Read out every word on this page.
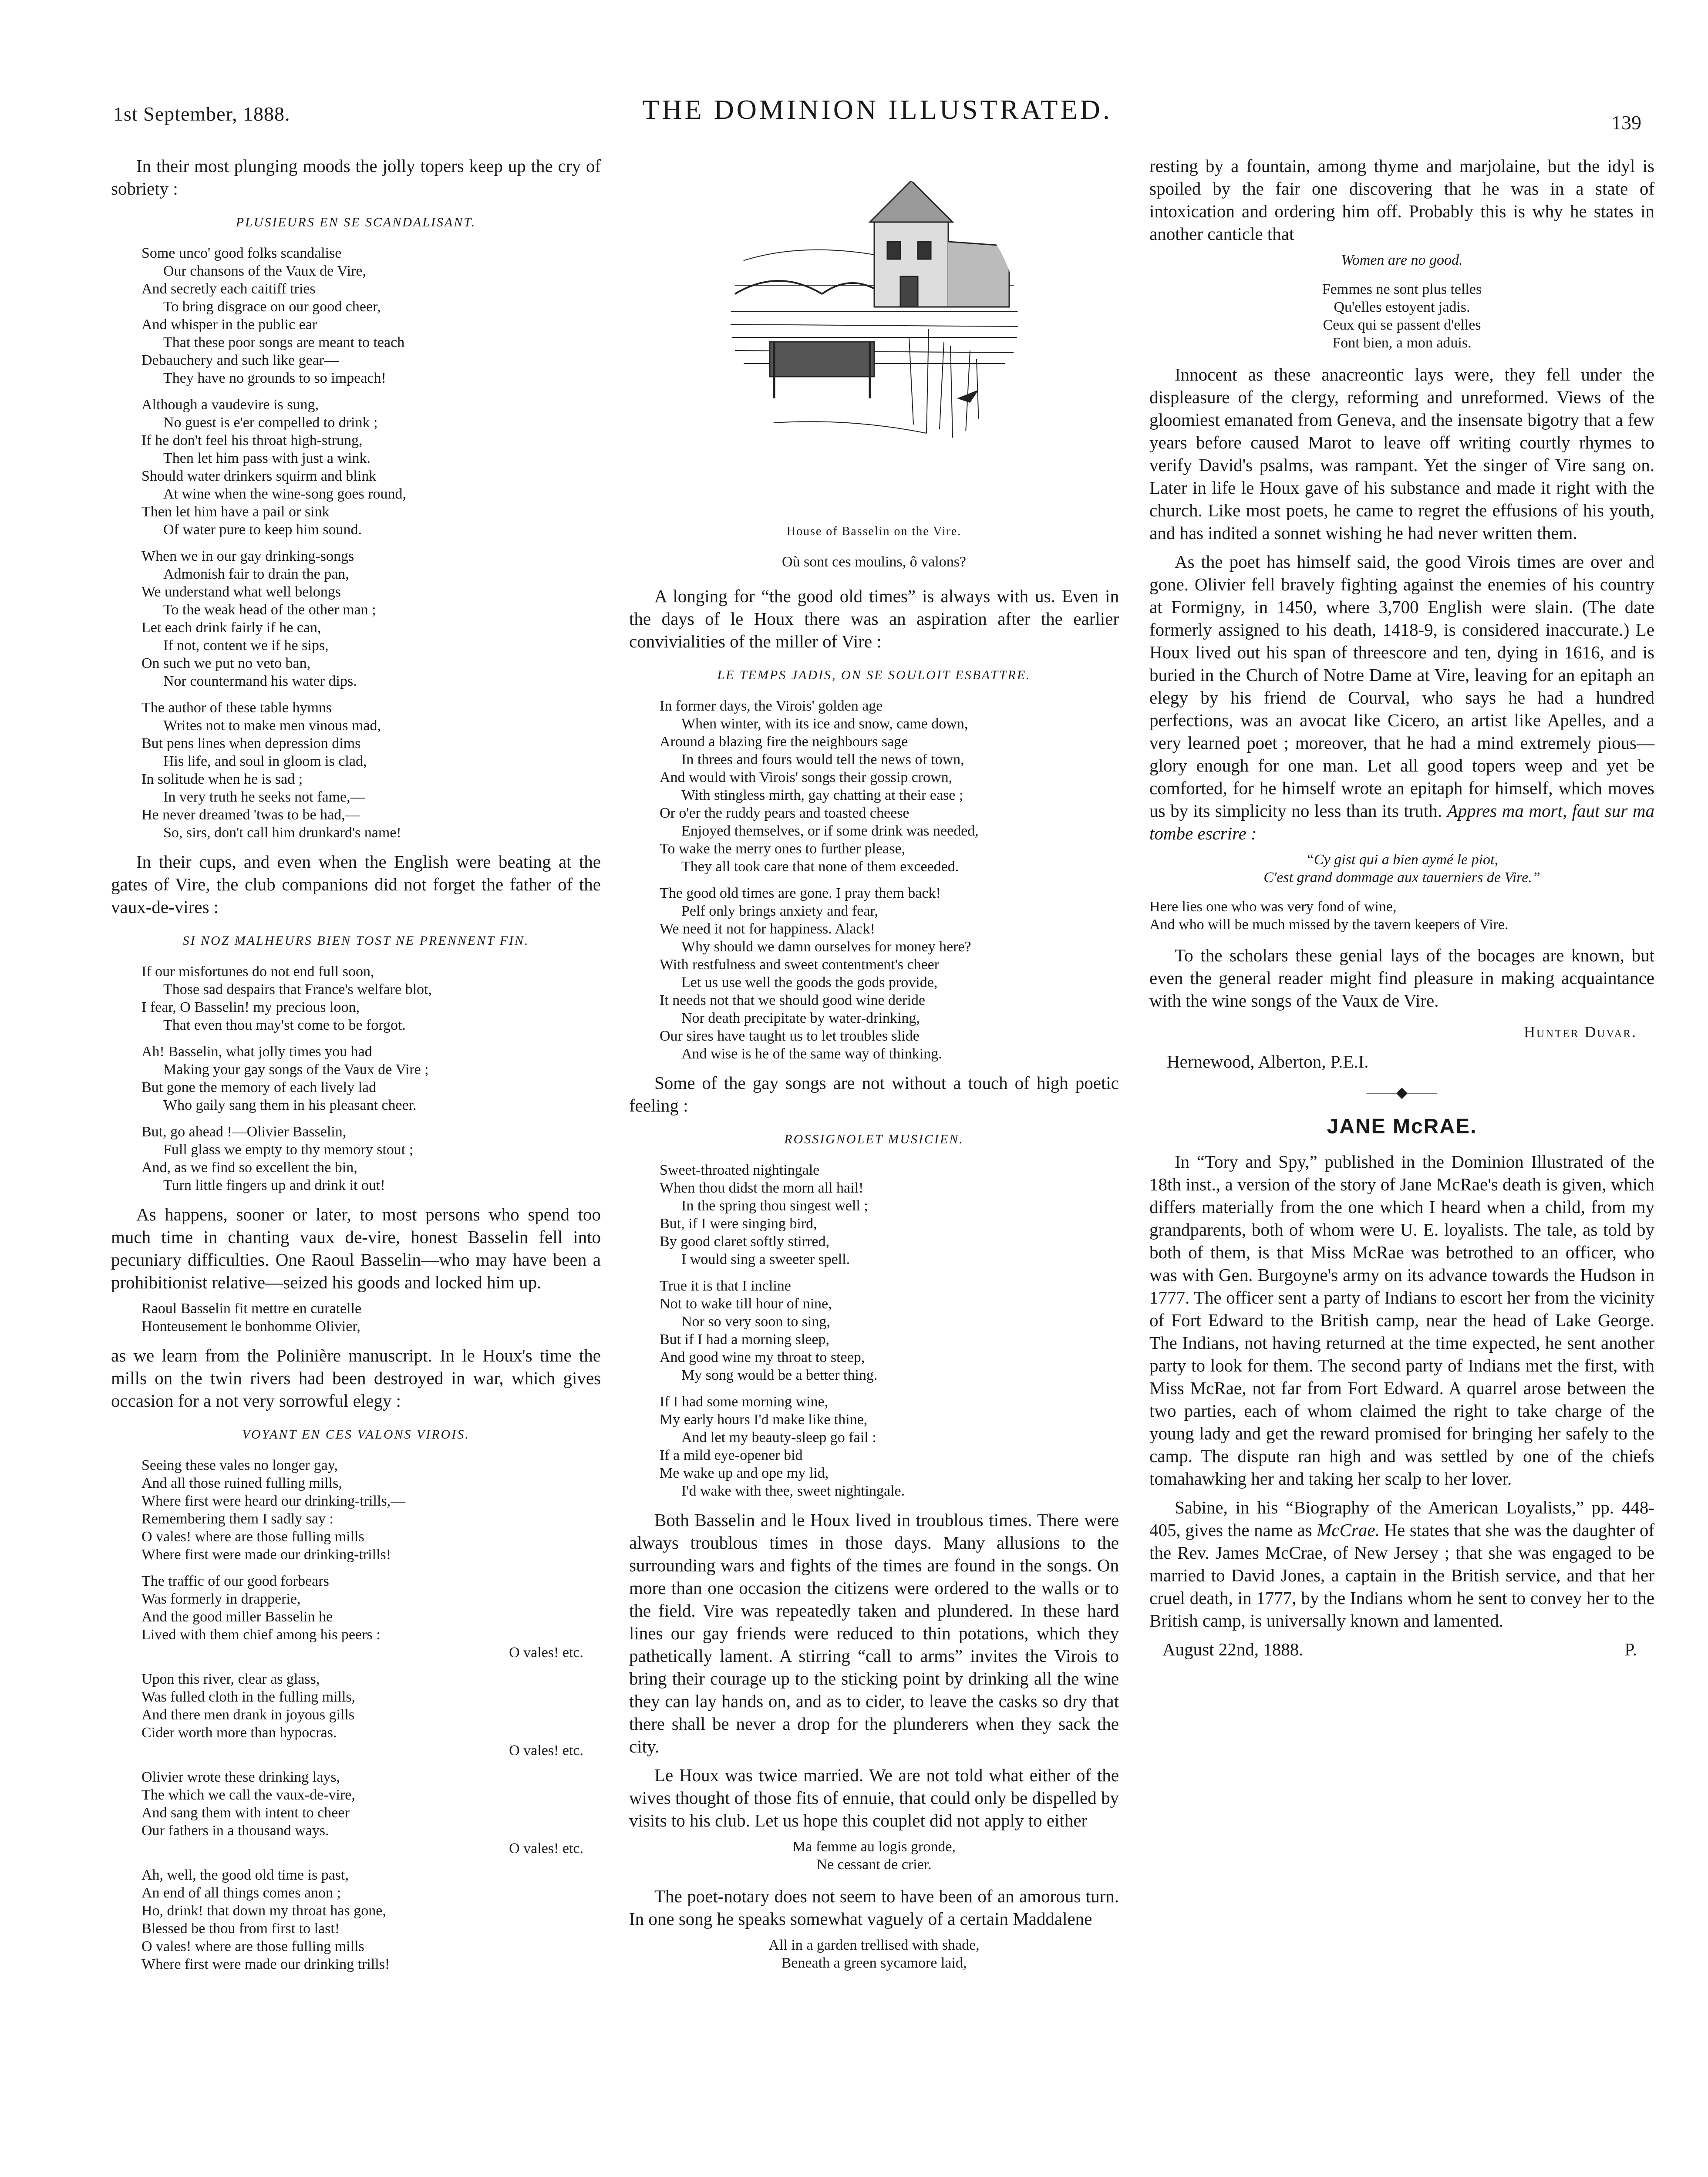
1st September, 1888.	THE DOMINION ILLUSTRATED.	139

In their most plunging moods the jolly topers keep up the cry of sobriety :

PLUSIEURS EN SE SCANDALISANT.
Some unco' good folks scandalise
Our chansons of the Vaux de Vire,
And secretly each caitiff tries
To bring disgrace on our good cheer,
And whisper in the public ear
That these poor songs are meant to teach
Debauchery and such like gear—
They have no grounds to so impeach!
Although a vaudevire is sung,
No guest is e'er compelled to drink ;
If he don't feel his throat high-strung,
Then let him pass with just a wink.
Should water drinkers squirm and blink
At wine when the wine-song goes round,
Then let him have a pail or sink
Of water pure to keep him sound.
When we in our gay drinking-songs
Admonish fair to drain the pan,
We understand what well belongs
To the weak head of the other man ;
Let each drink fairly if he can,
If not, content we if he sips,
On such we put no veto ban,
Nor countermand his water dips.
The author of these table hymns
Writes not to make men vinous mad,
But pens lines when depression dims
His life, and soul in gloom is clad,
In solitude when he is sad ;
In very truth he seeks not fame,—
He never dreamed 'twas to be had,—
So, sirs, don't call him drunkard's name!

In their cups, and even when the English were beating at the gates of Vire, the club companions did not forget the father of the vaux-de-vires :

SI NOZ MALHEURS BIEN TOST NE PRENNENT FIN.
If our misfortunes do not end full soon,
Those sad despairs that France's welfare blot,
I fear, O Basselin! my precious loon,
That even thou may'st come to be forgot.
Ah! Basselin, what jolly times you had
Making your gay songs of the Vaux de Vire ;
But gone the memory of each lively lad
Who gaily sang them in his pleasant cheer.
But, go ahead !—Olivier Basselin,
Full glass we empty to thy memory stout ;
And, as we find so excellent the bin,
Turn little fingers up and drink it out!

As happens, sooner or later, to most persons who spend too much time in chanting vaux de-vire, honest Basselin fell into pecuniary difficulties. One Raoul Basselin—who may have been a prohibitionist relative—seized his goods and locked him up.

Raoul Basselin fit mettre en curatelle
Honteusement le bonhomme Olivier,

as we learn from the Polinière manuscript. In le Houx's time the mills on the twin rivers had been destroyed in war, which gives occasion for a not very sorrowful elegy :

VOYANT EN CES VALONS VIROIS.
Seeing these vales no longer gay,
And all those ruined fulling mills,
Where first were heard our drinking-trills,—
Remembering them I sadly say :
O vales! where are those fulling mills
Where first were made our drinking-trills!
The traffic of our good forbears
Was formerly in drapperie,
And the good miller Basselin he
Lived with them chief among his peers :
O vales! etc.
Upon this river, clear as glass,
Was fulled cloth in the fulling mills,
And there men drank in joyous gills
Cider worth more than hypocras.
O vales! etc.
Olivier wrote these drinking lays,
The which we call the vaux-de-vire,
And sang them with intent to cheer
Our fathers in a thousand ways.
O vales! etc.
Ah, well, the good old time is past,
An end of all things comes anon ;
Ho, drink! that down my throat has gone,
Blessed be thou from first to last!
O vales! where are those fulling mills
Where first were made our drinking trills!
House of Basselin on the Vire.
Où sont ces moulins, ô valons?

A longing for “the good old times” is always with us. Even in the days of le Houx there was an aspiration after the earlier convivialities of the miller of Vire :

LE TEMPS JADIS, ON SE SOULOIT ESBATTRE.
In former days, the Virois' golden age
When winter, with its ice and snow, came down,
Around a blazing fire the neighbours sage
In threes and fours would tell the news of town,
And would with Virois' songs their gossip crown,
With stingless mirth, gay chatting at their ease ;
Or o'er the ruddy pears and toasted cheese
Enjoyed themselves, or if some drink was needed,
To wake the merry ones to further please,
They all took care that none of them exceeded.
The good old times are gone. I pray them back!
Pelf only brings anxiety and fear,
We need it not for happiness. Alack!
Why should we damn ourselves for money here?
With restfulness and sweet contentment's cheer
Let us use well the goods the gods provide,
It needs not that we should good wine deride
Nor death precipitate by water-drinking,
Our sires have taught us to let troubles slide
And wise is he of the same way of thinking.

Some of the gay songs are not without a touch of high poetic feeling :

ROSSIGNOLET MUSICIEN.
Sweet-throated nightingale
When thou didst the morn all hail!
In the spring thou singest well ;
But, if I were singing bird,
By good claret softly stirred,
I would sing a sweeter spell.
True it is that I incline
Not to wake till hour of nine,
Nor so very soon to sing,
But if I had a morning sleep,
And good wine my throat to steep,
My song would be a better thing.
If I had some morning wine,
My early hours I'd make like thine,
And let my beauty-sleep go fail :
If a mild eye-opener bid
Me wake up and ope my lid,
I'd wake with thee, sweet nightingale.

Both Basselin and le Houx lived in troublous times. There were always troublous times in those days. Many allusions to the surrounding wars and fights of the times are found in the songs. On more than one occasion the citizens were ordered to the walls or to the field. Vire was repeatedly taken and plundered. In these hard lines our gay friends were reduced to thin potations, which they pathetically lament. A stirring “call to arms” invites the Virois to bring their courage up to the sticking point by drinking all the wine they can lay hands on, and as to cider, to leave the casks so dry that there shall be never a drop for the plunderers when they sack the city.

Le Houx was twice married. We are not told what either of the wives thought of those fits of ennuie, that could only be dispelled by visits to his club. Let us hope this couplet did not apply to either

Ma femme au logis gronde,
Ne cessant de crier.

The poet-notary does not seem to have been of an amorous turn. In one song he speaks somewhat vaguely of a certain Maddalene

All in a garden trellised with shade,
Beneath a green sycamore laid,

resting by a fountain, among thyme and marjolaine, but the idyl is spoiled by the fair one discovering that he was in a state of intoxication and ordering him off. Probably this is why he states in another canticle that

Women are no good.
Femmes ne sont plus telles
Qu'elles estoyent jadis.
Ceux qui se passent d'elles
Font bien, a mon aduis.

Innocent as these anacreontic lays were, they fell under the displeasure of the clergy, reforming and unreformed. Views of the gloomiest emanated from Geneva, and the insensate bigotry that a few years before caused Marot to leave off writing courtly rhymes to verify David's psalms, was rampant. Yet the singer of Vire sang on. Later in life le Houx gave of his substance and made it right with the church. Like most poets, he came to regret the effusions of his youth, and has indited a sonnet wishing he had never written them.

As the poet has himself said, the good Virois times are over and gone. Olivier fell bravely fighting against the enemies of his country at Formigny, in 1450, where 3,700 English were slain. (The date formerly assigned to his death, 1418-9, is considered inaccurate.) Le Houx lived out his span of threescore and ten, dying in 1616, and is buried in the Church of Notre Dame at Vire, leaving for an epitaph an elegy by his friend de Courval, who says he had a hundred perfections, was an avocat like Cicero, an artist like Apelles, and a very learned poet ; moreover, that he had a mind extremely pious—glory enough for one man. Let all good topers weep and yet be comforted, for he himself wrote an epitaph for himself, which moves us by its simplicity no less than its truth. Appres ma mort, faut sur ma tombe escrire :

“Cy gist qui a bien aymé le piot,
C'est grand dommage aux tauerniers de Vire.”
Here lies one who was very fond of wine,
And who will be much missed by the tavern keepers of Vire.

To the scholars these genial lays of the bocages are known, but even the general reader might find pleasure in making acquaintance with the wine songs of the Vaux de Vire.

Hunter Duvar.
Hernewood, Alberton, P.E.I.
——◆——
JANE McRAE.

In “Tory and Spy,” published in the Dominion Illustrated of the 18th inst., a version of the story of Jane McRae's death is given, which differs materially from the one which I heard when a child, from my grandparents, both of whom were U. E. loyalists. The tale, as told by both of them, is that Miss McRae was betrothed to an officer, who was with Gen. Burgoyne's army on its advance towards the Hudson in 1777. The officer sent a party of Indians to escort her from the vicinity of Fort Edward to the British camp, near the head of Lake George. The Indians, not having returned at the time expected, he sent another party to look for them. The second party of Indians met the first, with Miss McRae, not far from Fort Edward. A quarrel arose between the two parties, each of whom claimed the right to take charge of the young lady and get the reward promised for bringing her safely to the camp. The dispute ran high and was settled by one of the chiefs tomahawking her and taking her scalp to her lover.

Sabine, in his “Biography of the American Loyalists,” pp. 448-405, gives the name as McCrae. He states that she was the daughter of the Rev. James McCrae, of New Jersey ; that she was engaged to be married to David Jones, a captain in the British service, and that her cruel death, in 1777, by the Indians whom he sent to convey her to the British camp, is universally known and lamented.

August 22nd, 1888.	P.
